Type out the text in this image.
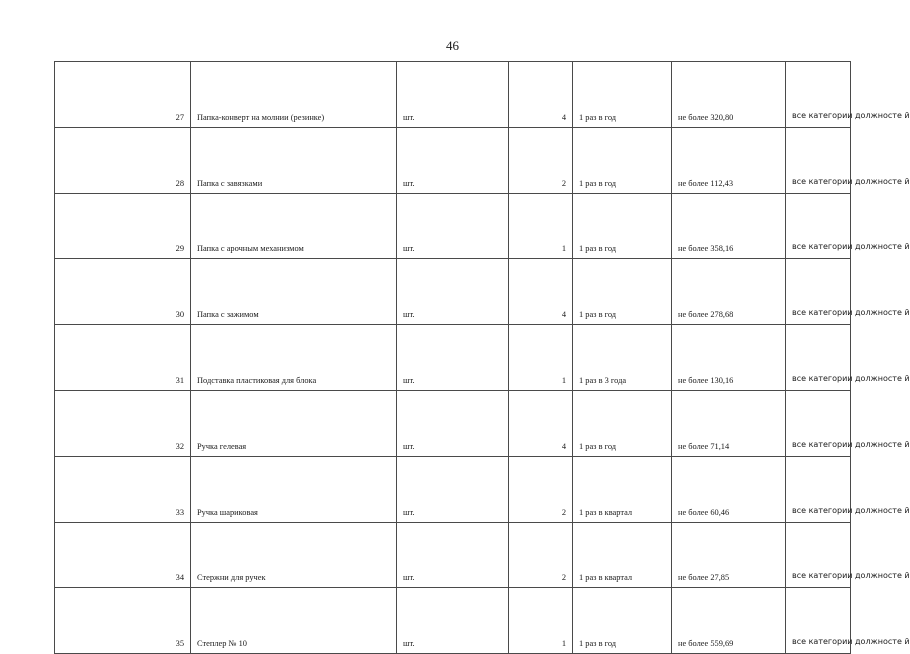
46
27	Папка-конверт на молнии (резинке)	шт.	4	1 раз в год	не более 320,80	все категории должносте й
28	Папка с завязками	шт.	2	1 раз в год	не более 112,43	все категории должносте й
29	Папка с арочным механизмом	шт.	1	1 раз в год	не более 358,16	все категории должносте й
30	Папка с зажимом	шт.	4	1 раз в год	не более 278,68	все категории должносте й
31	Подставка пластиковая для блока	шт.	1	1 раз в 3 года	не более 130,16	все категории должносте й
32	Ручка гелевая	шт.	4	1 раз в год	не более 71,14	все категории должносте й
33	Ручка шариковая	шт.	2	1 раз в квартал	не более 60,46	все категории должносте й
34	Стержни для ручек	шт.	2	1 раз в квартал	не более 27,85	все категории должносте й
35	Степлер № 10	шт.	1	1 раз в год	не более 559,69	все категории должносте й
